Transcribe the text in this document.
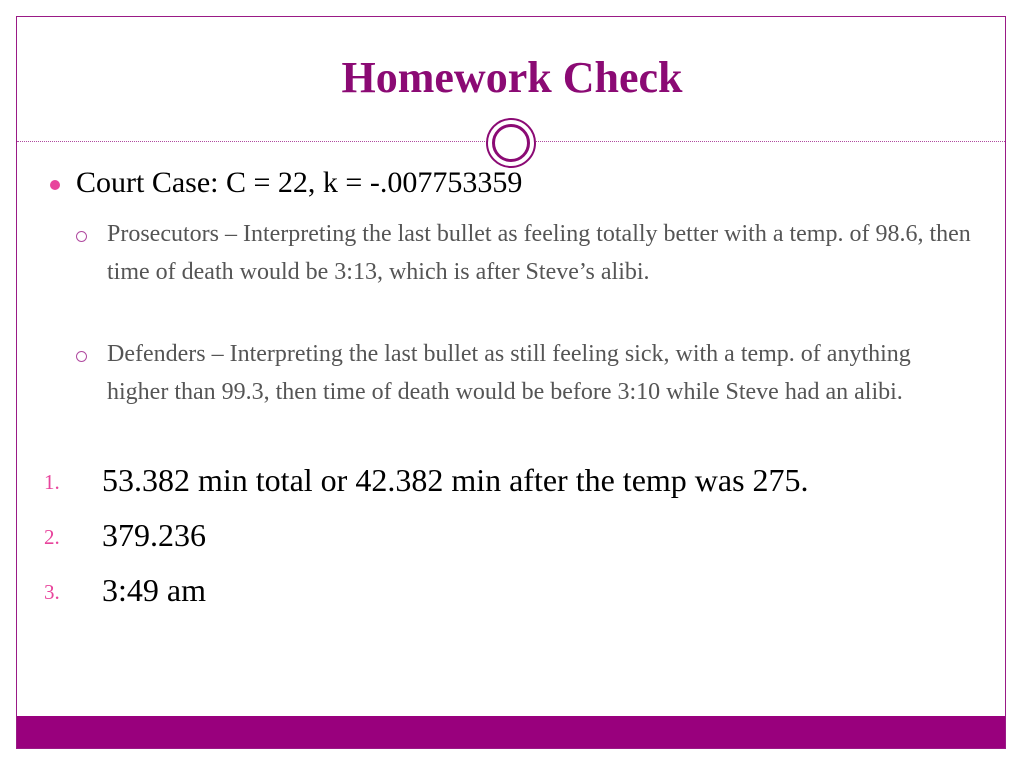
Homework Check
Court Case: C = 22, k = -.007753359
Prosecutors – Interpreting the last bullet as feeling totally better with a temp. of 98.6, then time of death would be 3:13, which is after Steve’s alibi.
Defenders – Interpreting the last bullet as still feeling sick, with a temp. of anything higher than 99.3, then time of death would be before 3:10 while Steve had an alibi.
1. 53.382 min total or 42.382 min after the temp was 275.
2. 379.236
3. 3:49 am
